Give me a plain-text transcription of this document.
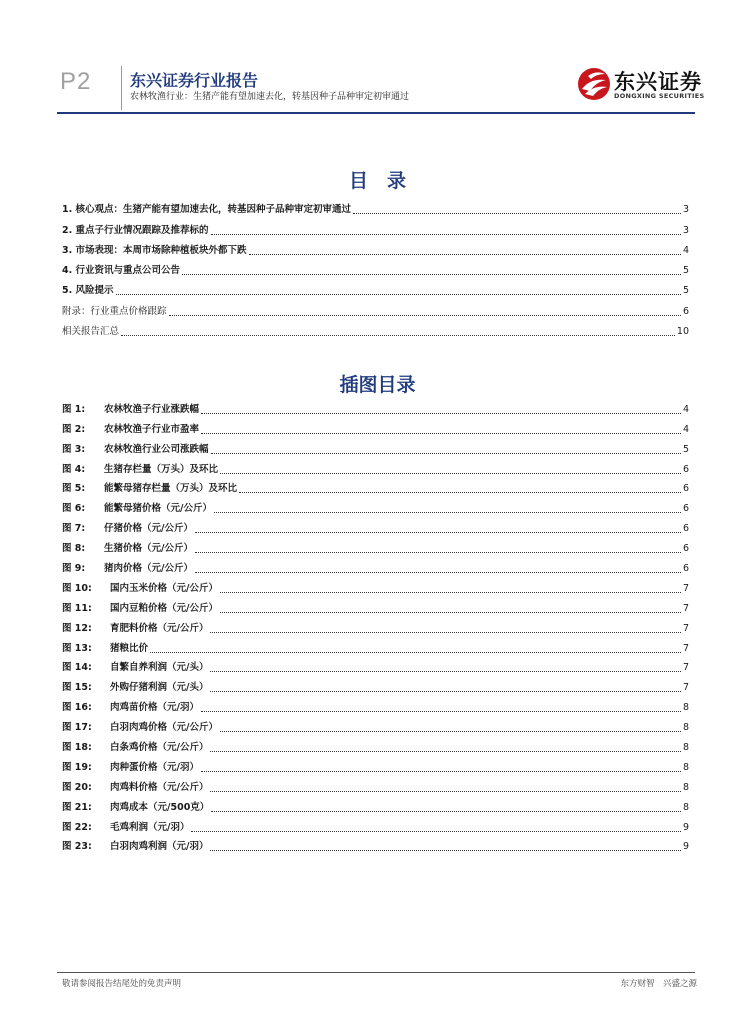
P2 东兴证券行业报告
农林牧渔行业：生猪产能有望加速去化，转基因种子品种审定初审通过
东兴证券
DONGXING SECURITIES
目　录
1. 核心观点：生猪产能有望加速去化，转基因种子品种审定初审通过	3
2. 重点子行业情况跟踪及推荐标的	3
3. 市场表现：本周市场除种植板块外都下跌	4
4. 行业资讯与重点公司公告	5
5. 风险提示	5
附录：行业重点价格跟踪	6
相关报告汇总	10
插图目录
图 1:	农林牧渔子行业涨跌幅	4
图 2:	农林牧渔子行业市盈率	4
图 3:	农林牧渔行业公司涨跌幅	5
图 4:	生猪存栏量（万头）及环比	6
图 5:	能繁母猪存栏量（万头）及环比	6
图 6:	能繁母猪价格（元/公斤）	6
图 7:	仔猪价格（元/公斤）	6
图 8:	生猪价格（元/公斤）	6
图 9:	猪肉价格（元/公斤）	6
图 10:	国内玉米价格（元/公斤）	7
图 11:	国内豆粕价格（元/公斤）	7
图 12:	育肥料价格（元/公斤）	7
图 13:	猪粮比价	7
图 14:	自繁自养利润（元/头）	7
图 15:	外购仔猪利润（元/头）	7
图 16:	肉鸡苗价格（元/羽）	8
图 17:	白羽肉鸡价格（元/公斤）	8
图 18:	白条鸡价格（元/公斤）	8
图 19:	肉种蛋价格（元/羽）	8
图 20:	肉鸡料价格（元/公斤）	8
图 21:	肉鸡成本（元/500克）	8
图 22:	毛鸡利润（元/羽）	9
图 23:	白羽肉鸡利润（元/羽）	9
敬请参阅报告结尾处的免责声明	东方财智　兴盛之源
